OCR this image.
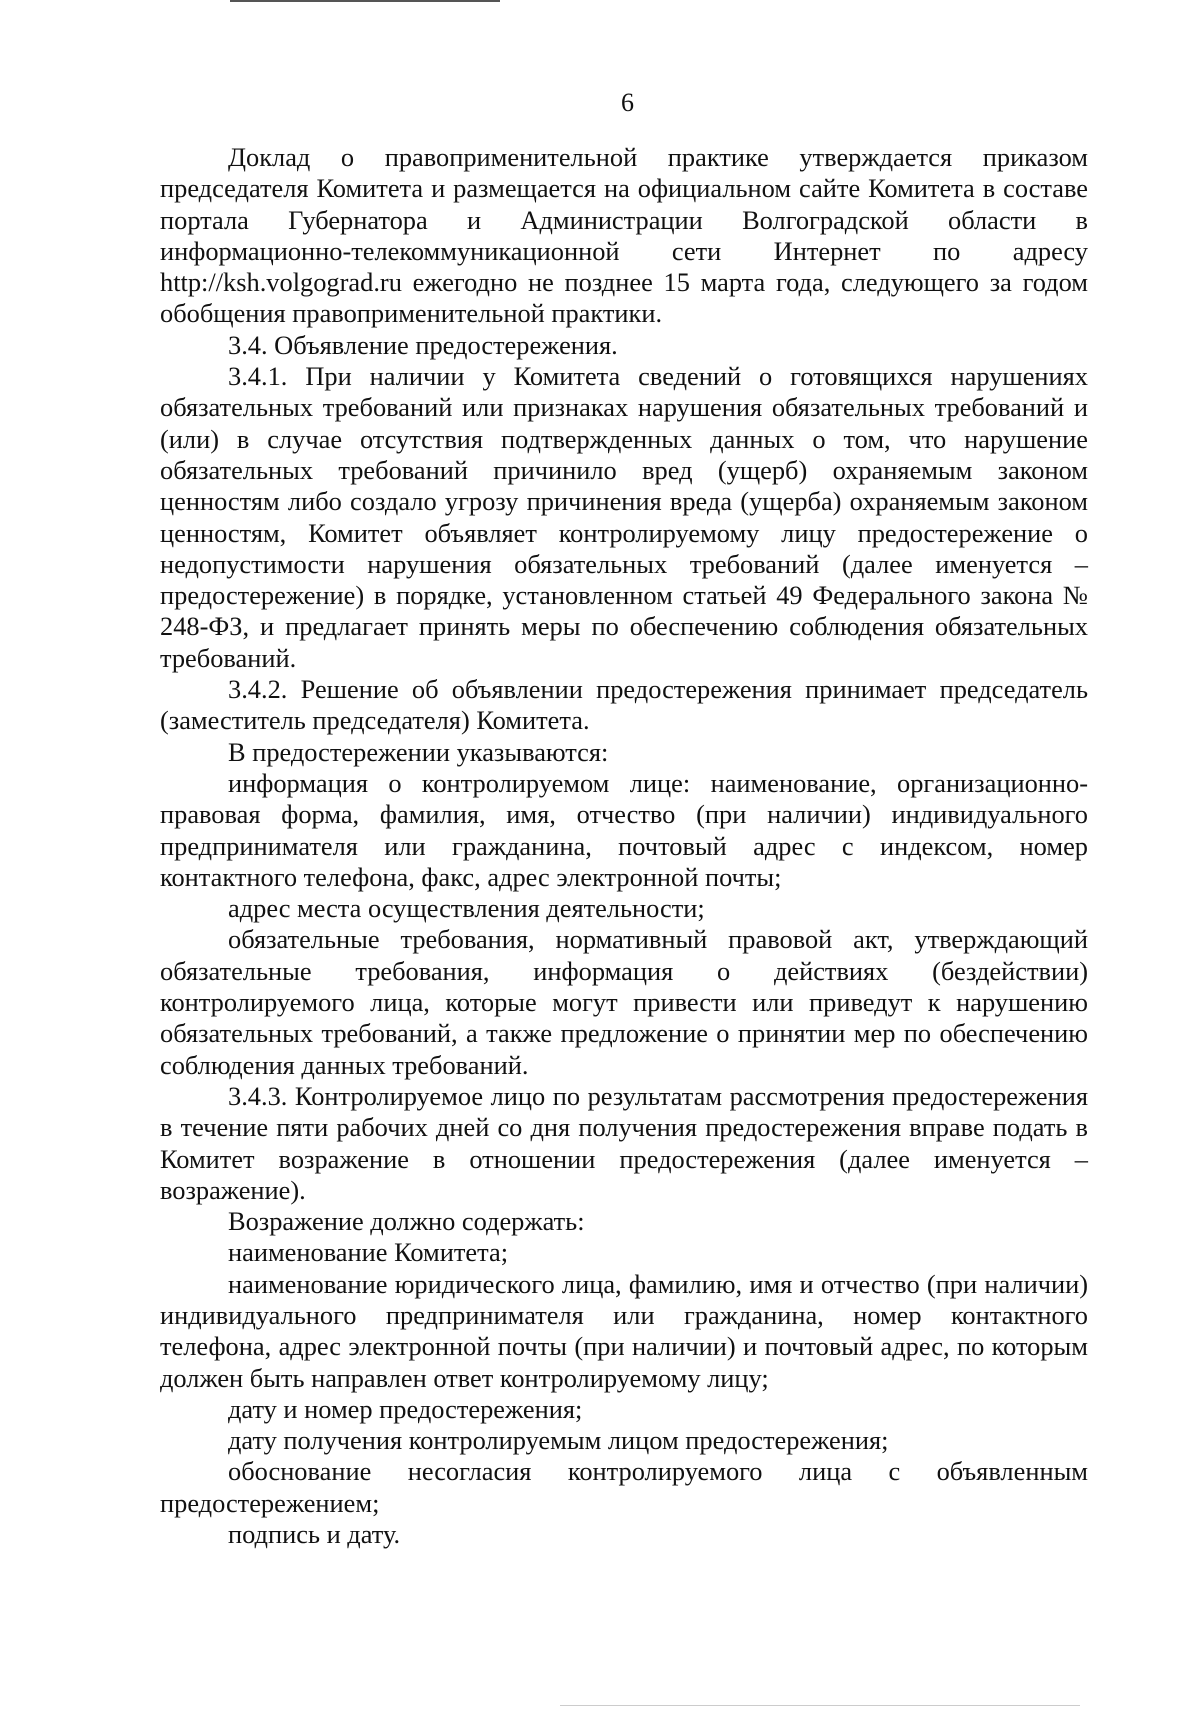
6

Доклад о правоприменительной практике утверждается приказом председателя Комитета и размещается на официальном сайте Комитета в составе портала Губернатора и Администрации Волгоградской области в информационно-телекоммуникационной сети Интернет по адресу http://ksh.volgograd.ru ежегодно не позднее 15 марта года, следующего за годом обобщения правоприменительной практики.

3.4. Объявление предостережения.

3.4.1. При наличии у Комитета сведений о готовящихся нарушениях обязательных требований или признаках нарушения обязательных требований и (или) в случае отсутствия подтвержденных данных о том, что нарушение обязательных требований причинило вред (ущерб) охраняемым законом ценностям либо создало угрозу причинения вреда (ущерба) охраняемым законом ценностям, Комитет объявляет контролируемому лицу предостережение о недопустимости нарушения обязательных требований (далее именуется – предостережение) в порядке, установленном статьей 49 Федерального закона № 248-ФЗ, и предлагает принять меры по обеспечению соблюдения обязательных требований.

3.4.2. Решение об объявлении предостережения принимает председатель (заместитель председателя) Комитета.

В предостережении указываются:

информация о контролируемом лице: наименование, организационно-правовая форма, фамилия, имя, отчество (при наличии) индивидуального предпринимателя или гражданина, почтовый адрес с индексом, номер контактного телефона, факс, адрес электронной почты;

адрес места осуществления деятельности;

обязательные требования, нормативный правовой акт, утверждающий обязательные требования, информация о действиях (бездействии) контролируемого лица, которые могут привести или приведут к нарушению обязательных требований, а также предложение о принятии мер по обеспечению соблюдения данных требований.

3.4.3. Контролируемое лицо по результатам рассмотрения предостережения в течение пяти рабочих дней со дня получения предостережения вправе подать в Комитет возражение в отношении предостережения (далее именуется – возражение).

Возражение должно содержать:

наименование Комитета;

наименование юридического лица, фамилию, имя и отчество (при наличии) индивидуального предпринимателя или гражданина, номер контактного телефона, адрес электронной почты (при наличии) и почтовый адрес, по которым должен быть направлен ответ контролируемому лицу;

дату и номер предостережения;

дату получения контролируемым лицом предостережения;

обоснование несогласия контролируемого лица с объявленным предостережением;

подпись и дату.
